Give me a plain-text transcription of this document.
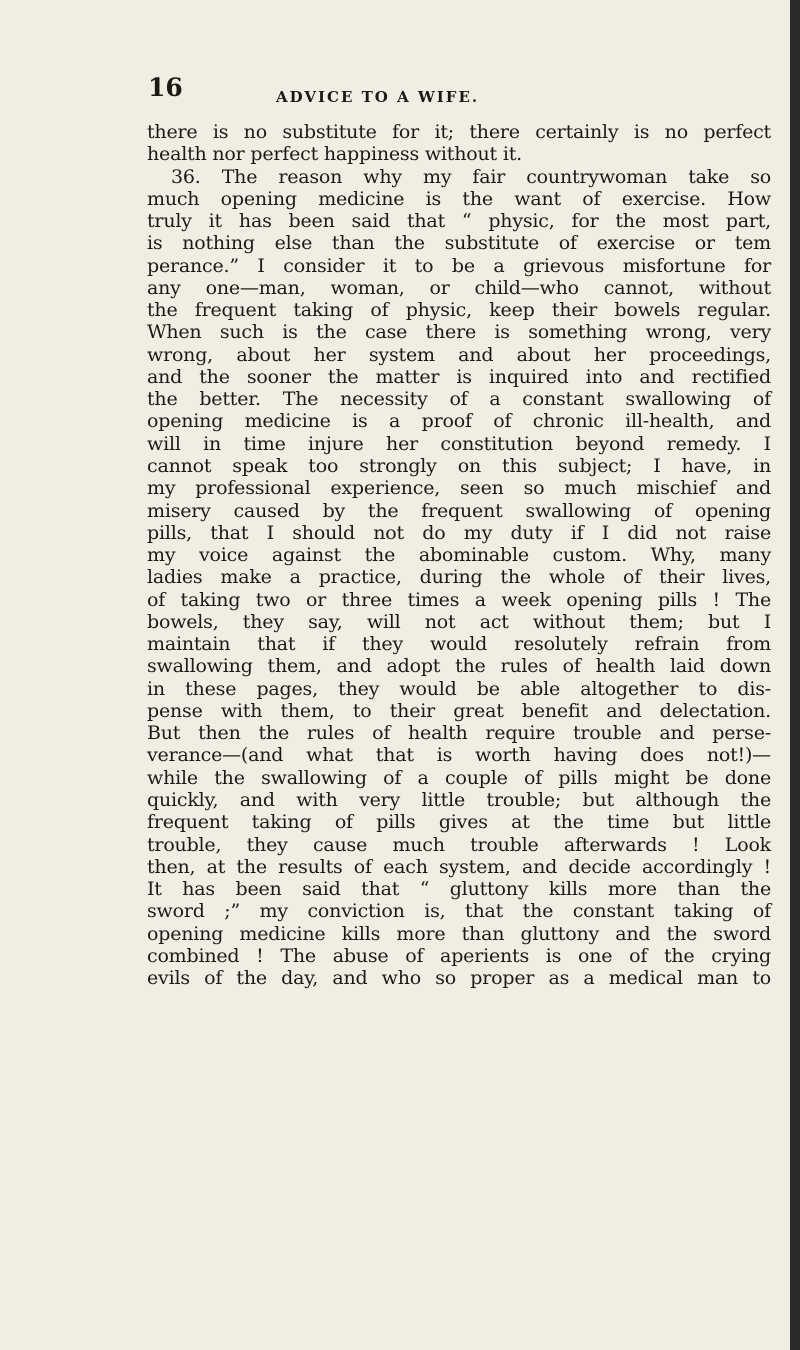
16	ADVICE TO A WIFE.
there is no substitute for it; there certainly is no perfect
health nor perfect happiness without it.
36. The reason why my fair countrywoman take so
much opening medicine is the want of exercise. How
truly it has been said that “ physic, for the most part,
is nothing else than the substitute of exercise or tem
perance.” I consider it to be a grievous misfortune for
any one—man, woman, or child—who cannot, without
the frequent taking of physic, keep their bowels regular.
When such is the case there is something wrong, very
wrong, about her system and about her proceedings,
and the sooner the matter is inquired into and rectified
the better. The necessity of a constant swallowing of
opening medicine is a proof of chronic ill-health, and
will in time injure her constitution beyond remedy. I
cannot speak too strongly on this subject; I have, in
my professional experience, seen so much mischief and
misery caused by the frequent swallowing of opening
pills, that I should not do my duty if I did not raise
my voice against the abominable custom. Why, many
ladies make a practice, during the whole of their lives,
of taking two or three times a week opening pills ! The
bowels, they say, will not act without them; but I
maintain that if they would resolutely refrain from
swallowing them, and adopt the rules of health laid down
in these pages, they would be able altogether to dis-
pense with them, to their great benefit and delectation.
But then the rules of health require trouble and perse-
verance—(and what that is worth having does not!)—
while the swallowing of a couple of pills might be done
quickly, and with very little trouble; but although the
frequent taking of pills gives at the time but little
trouble, they cause much trouble afterwards ! Look
then, at the results of each system, and decide accordingly !
It has been said that “ gluttony kills more than the
sword ;” my conviction is, that the constant taking of
opening medicine kills more than gluttony and the sword
combined ! The abuse of aperients is one of the crying
evils of the day, and who so proper as a medical man to
